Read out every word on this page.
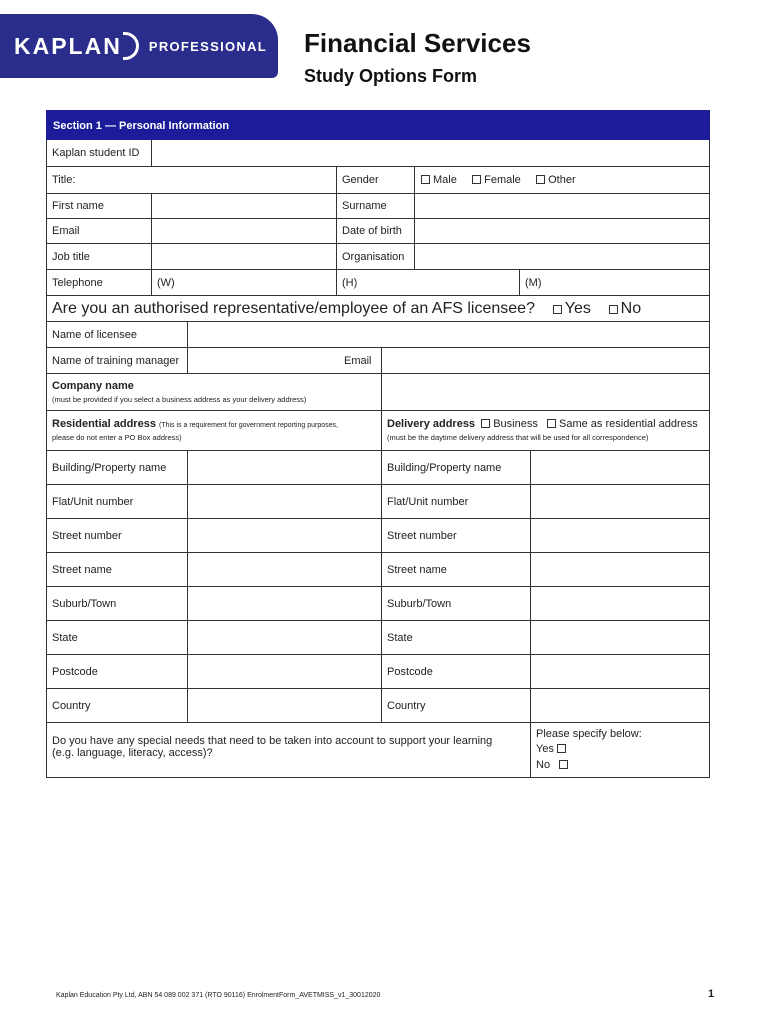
KAPLAN PROFESSIONAL Financial Services
Study Options Form
Section 1 — Personal Information
Kaplan student ID
Title:	Gender	Male Female Other
First name	Surname
Email	Date of birth
Job title	Organisation
Telephone	(W)	(H)	(M)
Are you an authorised representative/employee of an AFS licensee? Yes No
Name of licensee
Name of training manager	Email
Company name
(must be provided if you select a business address as your delivery address)
Residential address (This is a requirement for government reporting purposes,
please do not enter a PO Box address)
Delivery address Business Same as residential address
(must be the daytime delivery address that will be used for all correspondence)
Building/Property name	Building/Property name
Flat/Unit number	Flat/Unit number
Street number	Street number
Street name	Street name
Suburb/Town	Suburb/Town
State	State
Postcode	Postcode
Country	Country
Do you have any special needs that need to be taken into account to support your learning
(e.g. language, literacy, access)?
Please specify below:
Yes
No
Kaplan Education Pty Ltd, ABN 54 089 002 371 (RTO 90116) EnrolmentForm_AVETMISS_v1_30012020	1
